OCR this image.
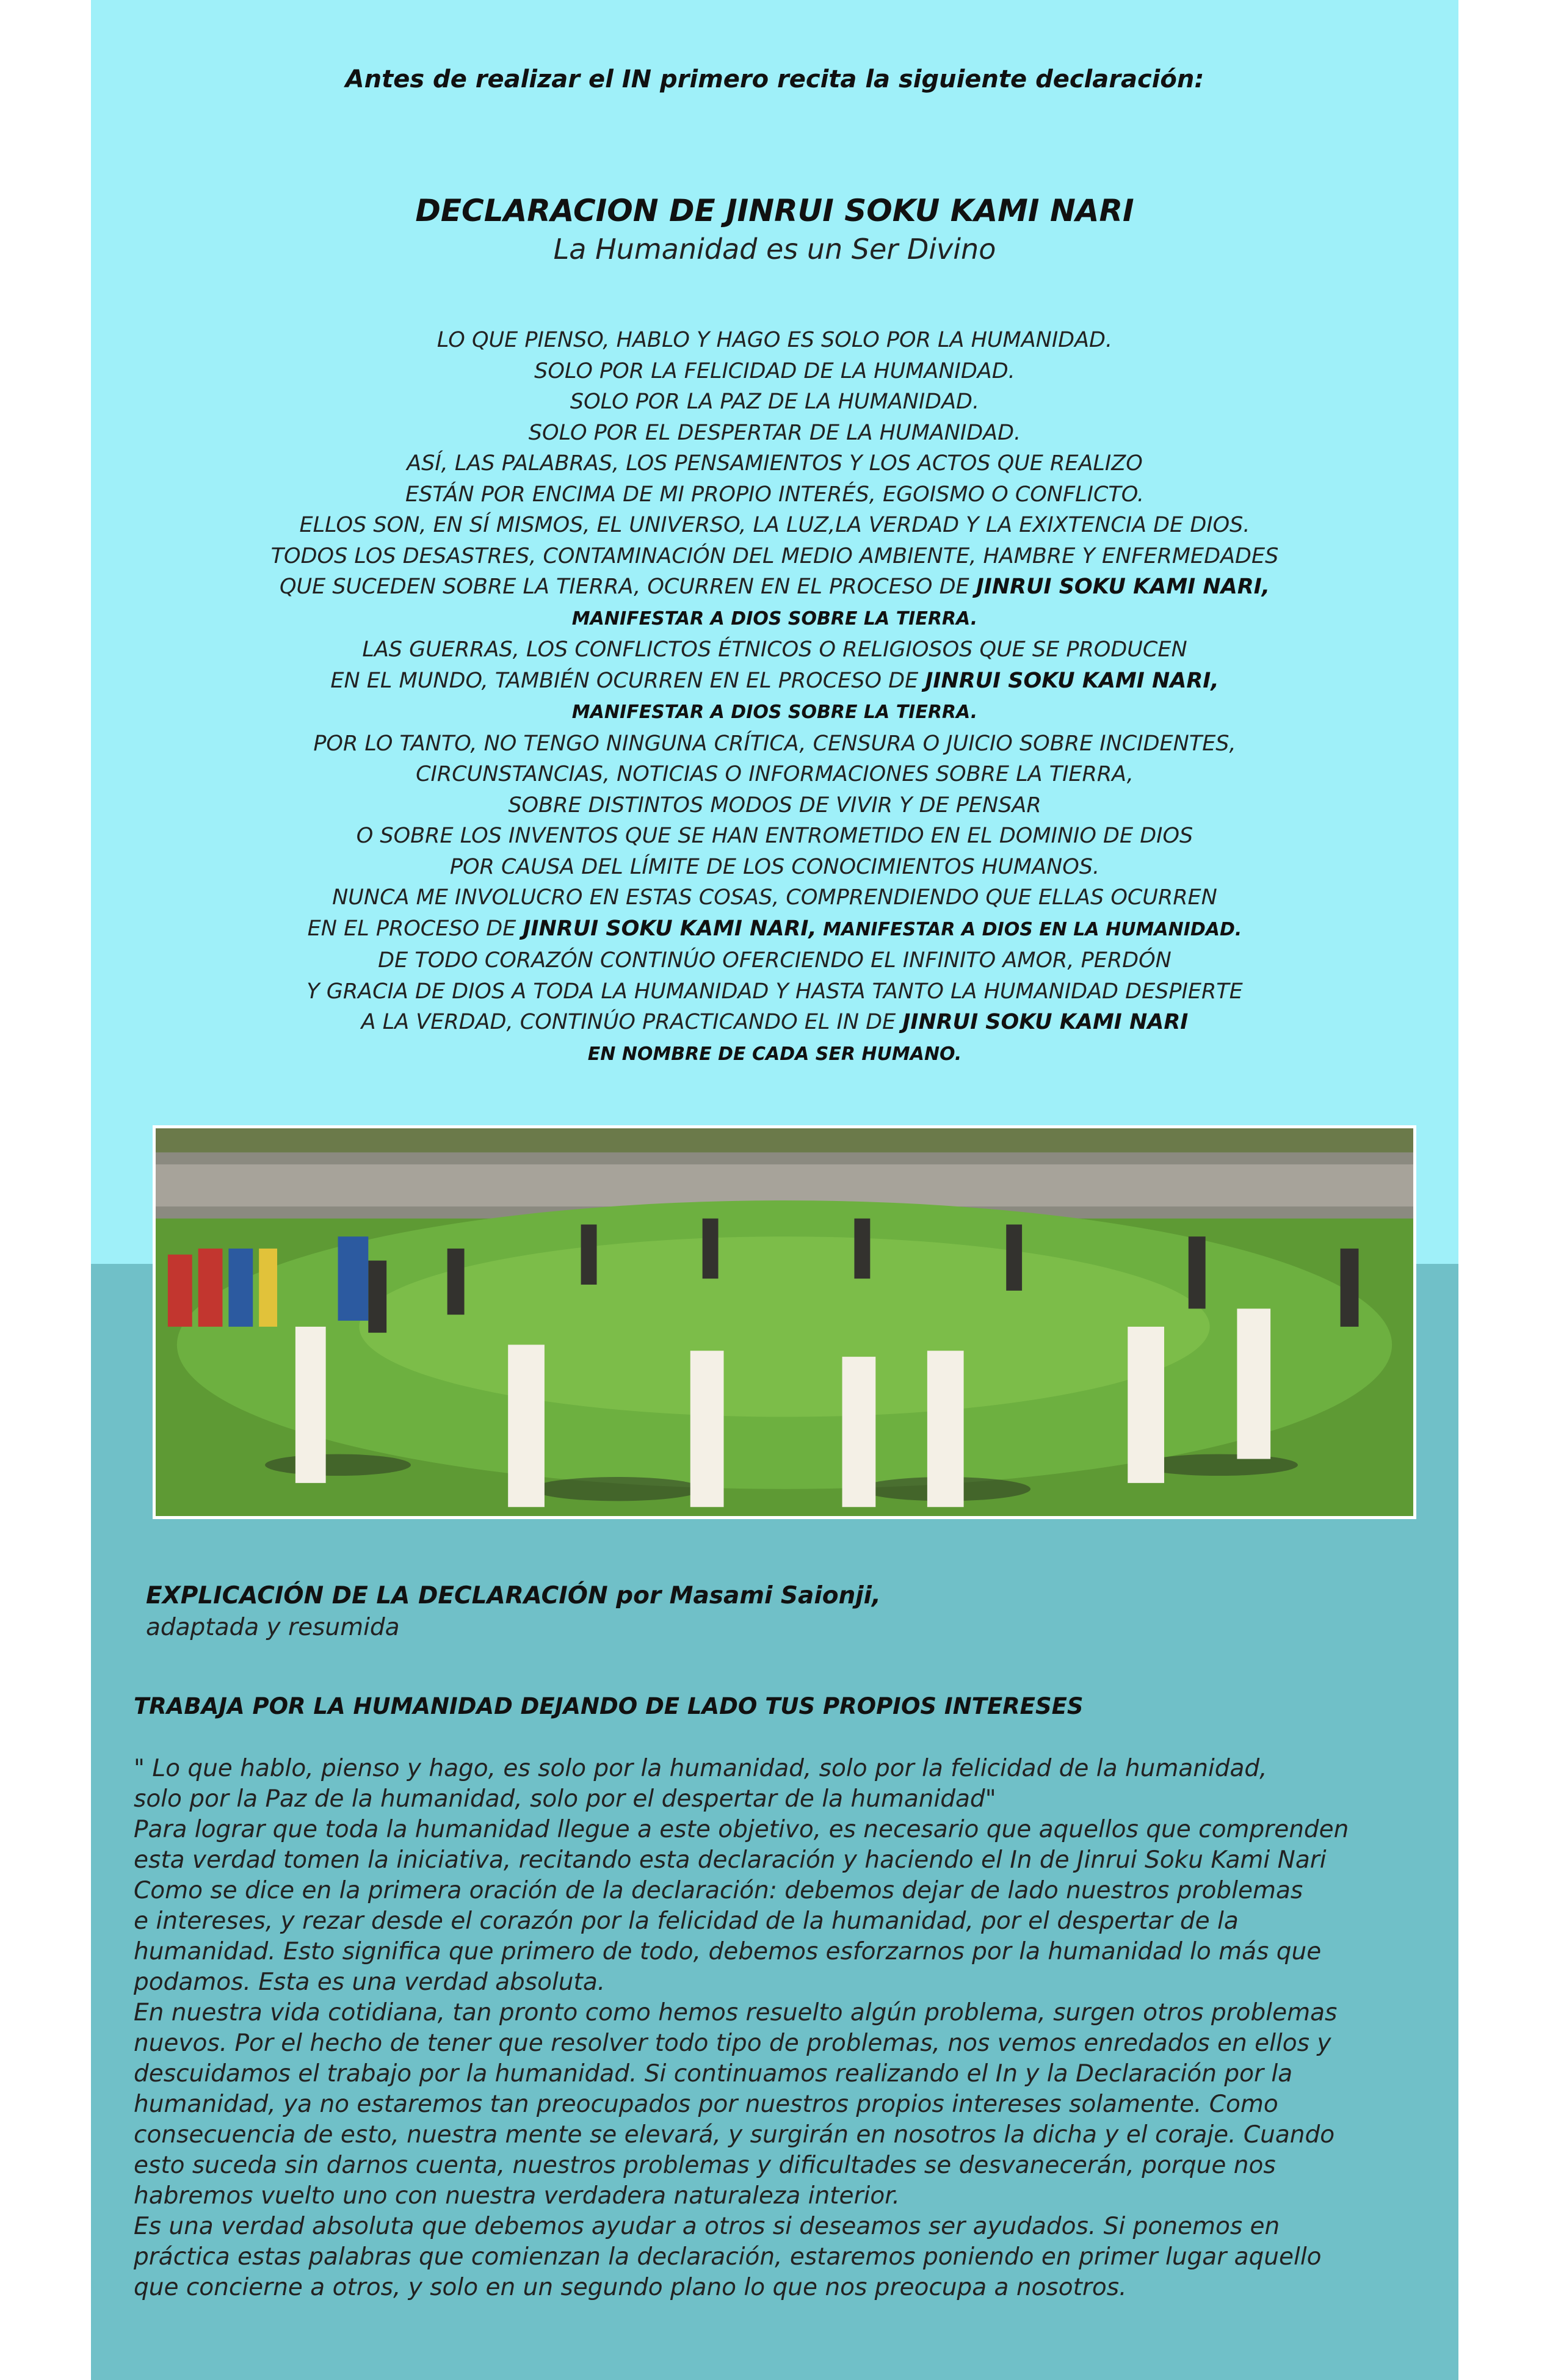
Antes de realizar el IN primero recita la siguiente declaración:
DECLARACION DE JINRUI SOKU KAMI NARI
La Humanidad es un Ser Divino
LO QUE PIENSO, HABLO Y HAGO ES SOLO POR LA HUMANIDAD.
SOLO POR LA FELICIDAD DE LA HUMANIDAD.
SOLO POR LA PAZ DE LA HUMANIDAD.
SOLO POR EL DESPERTAR DE LA HUMANIDAD.
ASÍ, LAS PALABRAS, LOS PENSAMIENTOS Y LOS ACTOS QUE REALIZO
ESTÁN POR ENCIMA DE MI PROPIO INTERÉS, EGOISMO O CONFLICTO.
ELLOS SON, EN SÍ MISMOS, EL UNIVERSO, LA LUZ,LA VERDAD Y LA EXIXTENCIA DE DIOS.
TODOS LOS DESASTRES, CONTAMINACIÓN DEL MEDIO AMBIENTE, HAMBRE Y ENFERMEDADES
QUE SUCEDEN SOBRE LA TIERRA, OCURREN EN EL PROCESO DE JINRUI SOKU KAMI NARI,
MANIFESTAR A DIOS SOBRE LA TIERRA.
LAS GUERRAS, LOS CONFLICTOS ÉTNICOS O RELIGIOSOS QUE SE PRODUCEN
EN EL MUNDO, TAMBIÉN OCURREN EN EL PROCESO DE JINRUI SOKU KAMI NARI,
MANIFESTAR A DIOS SOBRE LA TIERRA.
POR LO TANTO, NO TENGO NINGUNA CRÍTICA, CENSURA O JUICIO SOBRE INCIDENTES,
CIRCUNSTANCIAS, NOTICIAS O INFORMACIONES SOBRE LA TIERRA,
SOBRE DISTINTOS MODOS DE VIVIR Y DE PENSAR
O SOBRE LOS INVENTOS QUE SE HAN ENTROMETIDO EN EL DOMINIO DE DIOS
POR CAUSA DEL LÍMITE DE LOS CONOCIMIENTOS HUMANOS.
NUNCA ME INVOLUCRO EN ESTAS COSAS, COMPRENDIENDO QUE ELLAS OCURREN
EN EL PROCESO DE JINRUI SOKU KAMI NARI, MANIFESTAR A DIOS EN LA HUMANIDAD.
DE TODO CORAZÓN CONTINÚO OFERCIENDO EL INFINITO AMOR, PERDÓN
Y GRACIA DE DIOS A TODA LA HUMANIDAD Y HASTA TANTO LA HUMANIDAD DESPIERTE
A LA VERDAD, CONTINÚO PRACTICANDO EL IN DE JINRUI SOKU KAMI NARI
EN NOMBRE DE CADA SER HUMANO.
EXPLICACIÓN DE LA DECLARACIÓN por Masami Saionji,
adaptada y resumida
TRABAJA POR LA HUMANIDAD DEJANDO DE LADO TUS PROPIOS INTERESES
" Lo que hablo, pienso y hago, es solo por la humanidad, solo por la felicidad de la humanidad,
solo por la Paz de la humanidad, solo por el despertar de la humanidad"
Para lograr que toda la humanidad llegue a este objetivo, es necesario que aquellos que comprenden
esta verdad tomen la iniciativa, recitando esta declaración y haciendo el In de Jinrui Soku Kami Nari
Como se dice en la primera oración de la declaración: debemos dejar de lado nuestros problemas
e intereses, y rezar desde el corazón por la felicidad de la humanidad, por el despertar de la
humanidad. Esto significa que primero de todo, debemos esforzarnos por la humanidad lo más que
podamos. Esta es una verdad absoluta.
En nuestra vida cotidiana, tan pronto como hemos resuelto algún problema, surgen otros problemas
nuevos. Por el hecho de tener que resolver todo tipo de problemas, nos vemos enredados en ellos y
descuidamos el trabajo por la humanidad. Si continuamos realizando el In y la Declaración por la
humanidad, ya no estaremos tan preocupados por nuestros propios intereses solamente. Como
consecuencia de esto, nuestra mente se elevará, y surgirán en nosotros la dicha y el coraje. Cuando
esto suceda sin darnos cuenta, nuestros problemas y dificultades se desvanecerán, porque nos
habremos vuelto uno con nuestra verdadera naturaleza interior.
Es una verdad absoluta que debemos ayudar a otros si deseamos ser ayudados. Si ponemos en
práctica estas palabras que comienzan la declaración, estaremos poniendo en primer lugar aquello
que concierne a otros, y solo en un segundo plano lo que nos preocupa a nosotros.
